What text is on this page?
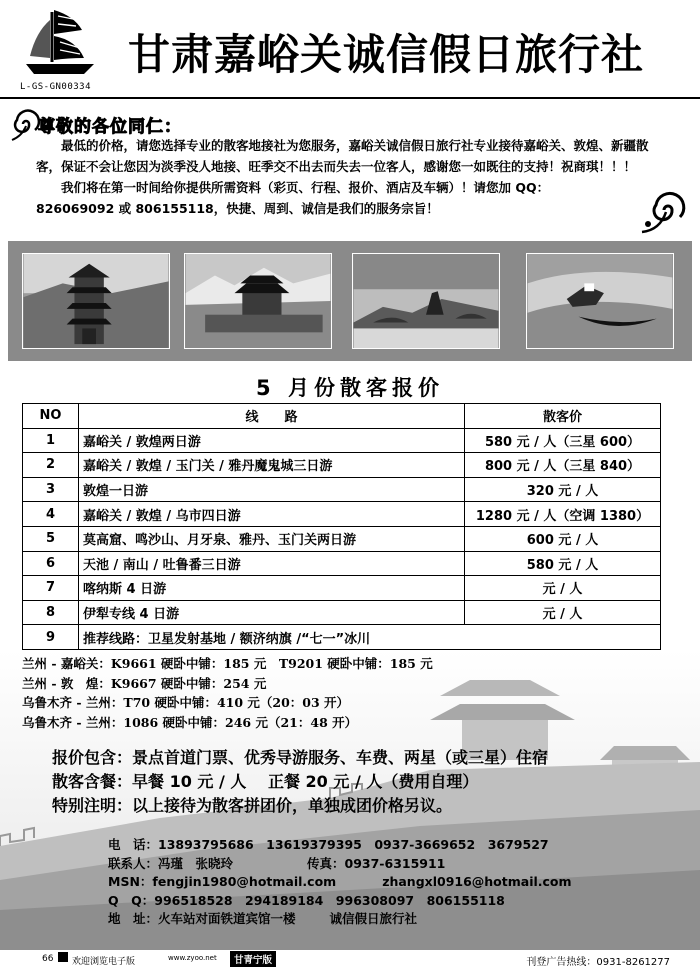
L-GS-GN00334
甘肃嘉峪关诚信假日旅行社
尊敬的各位同仁：

最低的价格，请您选择专业的散客地接社为您服务，嘉峪关诚信假日旅行社专业接待嘉峪关、敦煌、新疆散客，保证不会让您因为淡季没人地接、旺季交不出去而失去一位客人，感谢您一如既往的支持！祝商琪！！！

我们将在第一时间给你提供所需资料（彩页、行程、报价、酒店及车辆）！请您加 QQ：

826069092 或 806155118，快捷、周到、诚信是我们的服务宗旨！

5 月份散客报价
NO	线　　路	散客价
1	嘉峪关 / 敦煌两日游	580 元 / 人（三星 600）
2	嘉峪关 / 敦煌 / 玉门关 / 雅丹魔鬼城三日游	800 元 / 人（三星 840）
3	敦煌一日游	320 元 / 人
4	嘉峪关 / 敦煌 / 乌市四日游	1280 元 / 人（空调 1380）
5	莫高窟、鸣沙山、月牙泉、雅丹、玉门关两日游	600 元 / 人
6	天池 / 南山 / 吐鲁番三日游	580 元 / 人
7	喀纳斯 4 日游	元 / 人
8	伊犁专线 4 日游	元 / 人
9	推荐线路：卫星发射基地 / 额济纳旗 /“七一”冰川	
兰州 - 嘉峪关：K9661 硬卧中铺：185 元　T9201 硬卧中铺：185 元
兰州 - 敦　煌：K9667 硬卧中铺：254 元
乌鲁木齐 - 兰州：T70 硬卧中铺：410 元（20：03 开）
乌鲁木齐 - 兰州：1086 硬卧中铺：246 元（21：48 开）
报价包含：景点首道门票、优秀导游服务、车费、两星（或三星）住宿
散客含餐：早餐 10 元 / 人　 正餐 20 元 / 人（费用自理）
特别注明：以上接待为散客拼团价，单独成团价格另议。
电　话：13893795686　13619379395　0937-3669652　3679527
联系人：冯瑾　张晓玲	传真：0937-6315911
MSN：fengjin1980@hotmail.com	zhangxl0916@hotmail.com
Q　Q：996518528　294189184　996308097　806155118
地　址：火车站对面铁道宾馆一楼	诚信假日旅行社
66 欢迎浏览电子版	www.zyoo.net	甘青宁版	刊登广告热线：0931-8261277
